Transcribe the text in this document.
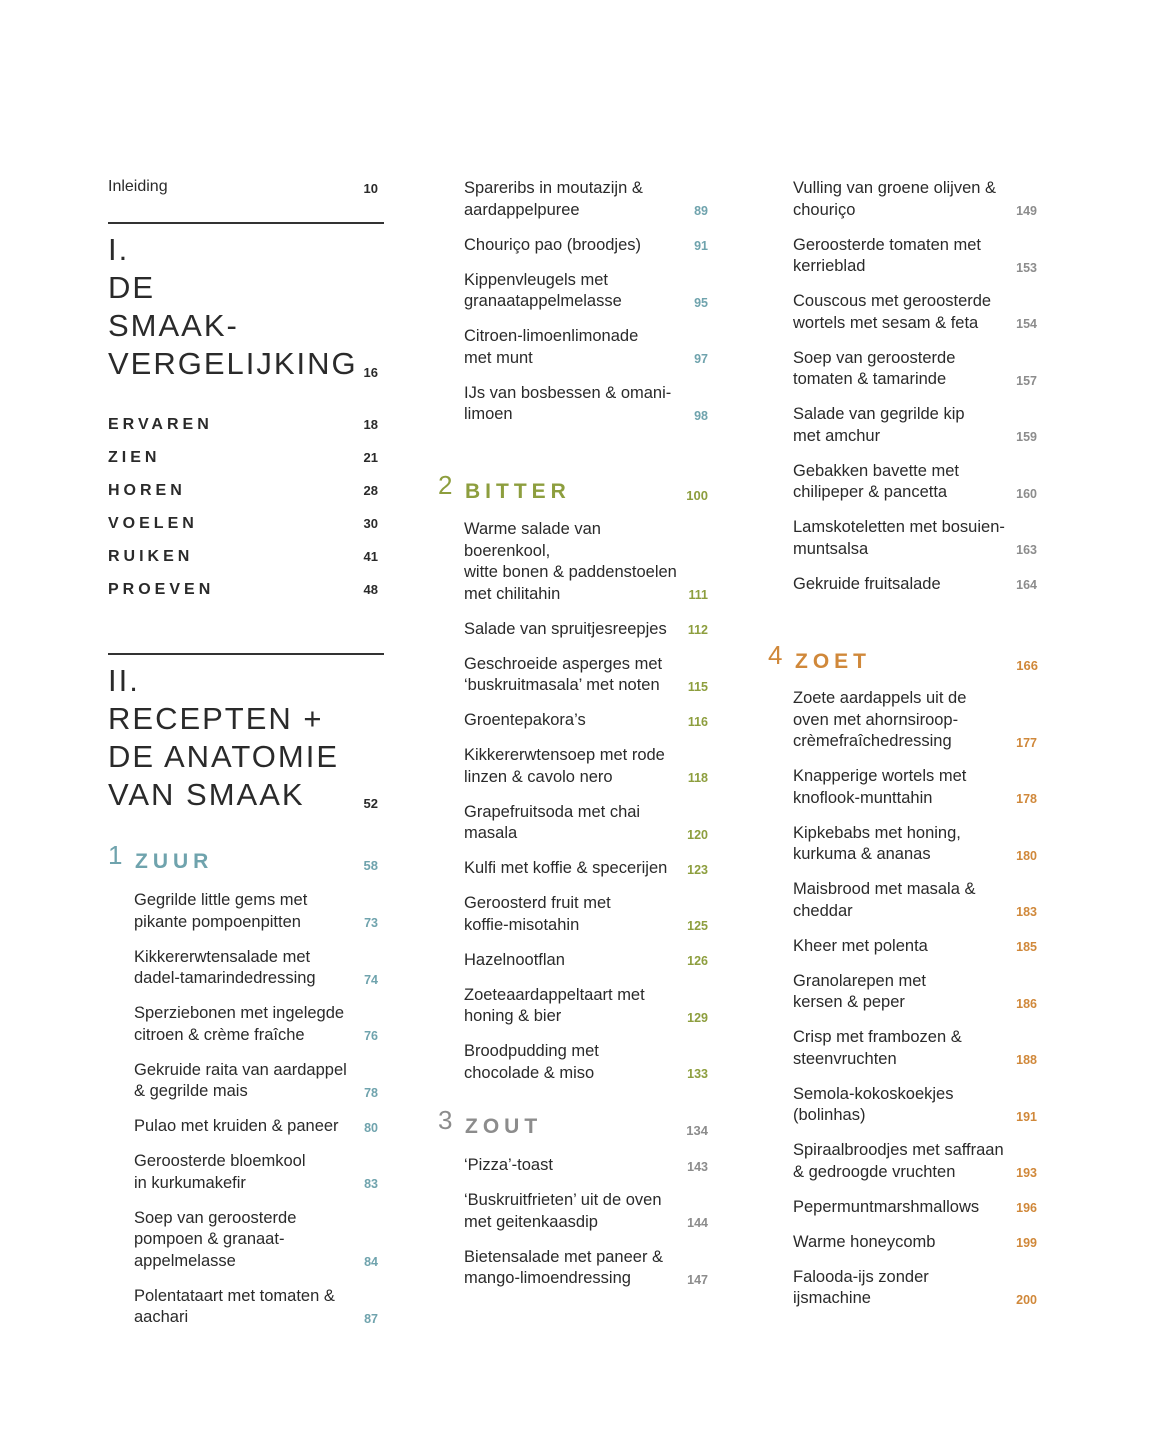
Inleiding	10
I.
DE
SMAAK-
VERGELIJKING 16
ERVAREN	18
ZIEN	21
HOREN	28
VOELEN	30
RUIKEN	41
PROEVEN	48
II.
RECEPTEN +
DE ANATOMIE
VAN SMAAK	52
1 ZUUR	58
Gegrilde little gems met
pikante pompoenpitten	73
Kikkererwtensalade met
dadel-tamarindedressing	74
Sperziebonen met ingelegde
citroen & crème fraîche	76
Gekruide raita van aardappel
& gegrilde mais	78
Pulao met kruiden & paneer 80
Geroosterde bloemkool
in kurkumakefir	83
Soep van geroosterde
pompoen & granaat-
appelmelasse	84
Polentataart met tomaten &
aachari	87
Spareribs in moutazijn &
aardappelpuree	89
Chouriço pao (broodjes)	91
Kippenvleugels met
granaatappelmelasse	95
Citroen-limoenlimonade
met munt	97
IJs van bosbessen & omani-
limoen	98
2 BITTER	100
Warme salade van boerenkool,
witte bonen & paddenstoelen
met chilitahin	111
Salade van spruitjesreepjes 112
Geschroeide asperges met
‘buskruitmasala’ met noten 115
Groentepakora’s	116
Kikkererwtensoep met rode
linzen & cavolo nero	118
Grapefruitsoda met chai
masala	120
Kulfi met koffie & specerijen 123
Geroosterd fruit met
koffie-misotahin	125
Hazelnootflan	126
Zoeteaardappeltaart met
honing & bier	129
Broodpudding met
chocolade & miso	133
3 ZOUT	134
‘Pizza’-toast	143
‘Buskruitfrieten’ uit de oven
met geitenkaasdip	144
Bietensalade met paneer &
mango-limoendressing	147
Vulling van groene olijven &
chouriço	149
Geroosterde tomaten met
kerrieblad	153
Couscous met geroosterde
wortels met sesam & feta	154
Soep van geroosterde
tomaten & tamarinde	157
Salade van gegrilde kip
met amchur	159
Gebakken bavette met
chilipeper & pancetta	160
Lamskoteletten met bosuien-
muntsalsa	163
Gekruide fruitsalade	164
4 ZOET	166
Zoete aardappels uit de
oven met ahornsiroop-
crèmefraîchedressing	177
Knapperige wortels met
knoflook-munttahin	178
Kipkebabs met honing,
kurkuma & ananas	180
Maisbrood met masala &
cheddar	183
Kheer met polenta	185
Granolarepen met
kersen & peper	186
Crisp met frambozen &
steenvruchten	188
Semola-kokoskoekjes
(bolinhas)	191
Spiraalbroodjes met saffraan
& gedroogde vruchten	193
Pepermuntmarshmallows	196
Warme honeycomb	199
Falooda-ijs zonder
ijsmachine	200
